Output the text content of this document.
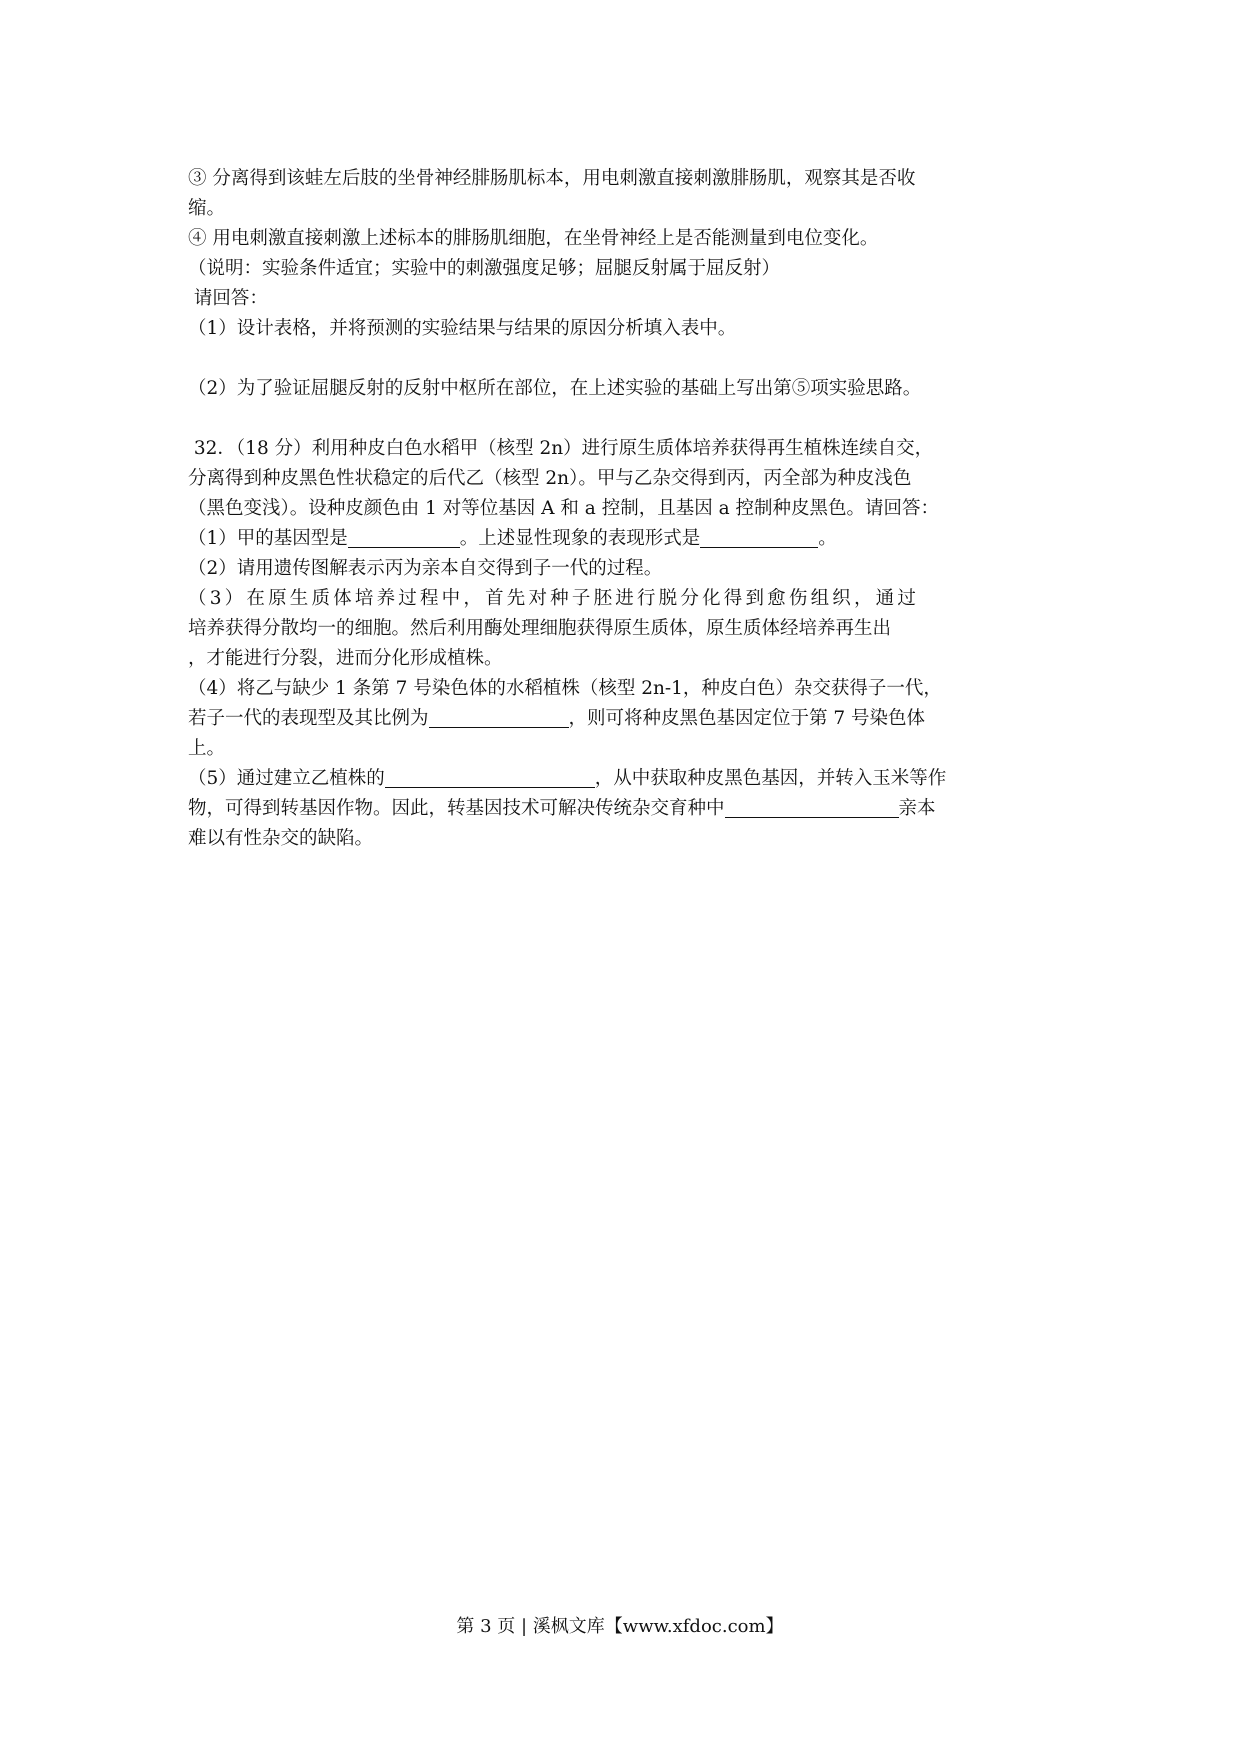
③ 分离得到该蛙左后肢的坐骨神经腓肠肌标本，用电刺激直接刺激腓肠肌，观察其是否收
缩。
④ 用电刺激直接刺激上述标本的腓肠肌细胞，在坐骨神经上是否能测量到电位变化。
（说明：实验条件适宜；实验中的刺激强度足够；屈腿反射属于屈反射）
请回答：
（1）设计表格，并将预测的实验结果与结果的原因分析填入表中。
（2）为了验证屈腿反射的反射中枢所在部位，在上述实验的基础上写出第⑤项实验思路。
32．（18 分）利用种皮白色水稻甲（核型 2n）进行原生质体培养获得再生植株连续自交，
分离得到种皮黑色性状稳定的后代乙（核型 2n）。甲与乙杂交得到丙，丙全部为种皮浅色
（黑色变浅）。设种皮颜色由 1 对等位基因 A 和 a 控制，且基因 a 控制种皮黑色。请回答：
（1）甲的基因型是	。上述显性现象的表现形式是	。
（2）请用遗传图解表示丙为亲本自交得到子一代的过程。
（3）在原生质体培养过程中，首先对种子胚进行脱分化得到愈伤组织，通过
培养获得分散均一的细胞。然后利用酶处理细胞获得原生质体，原生质体经培养再生出
，才能进行分裂，进而分化形成植株。
（4）将乙与缺少 1 条第 7 号染色体的水稻植株（核型 2n-1，种皮白色）杂交获得子一代，
若子一代的表现型及其比例为	，则可将种皮黑色基因定位于第 7 号染色体
上。
（5）通过建立乙植株的	，从中获取种皮黑色基因，并转入玉米等作
物，可得到转基因作物。因此，转基因技术可解决传统杂交育种中	亲本
难以有性杂交的缺陷。
第 3 页 | 溪枫文库【www.xfdoc.com】
